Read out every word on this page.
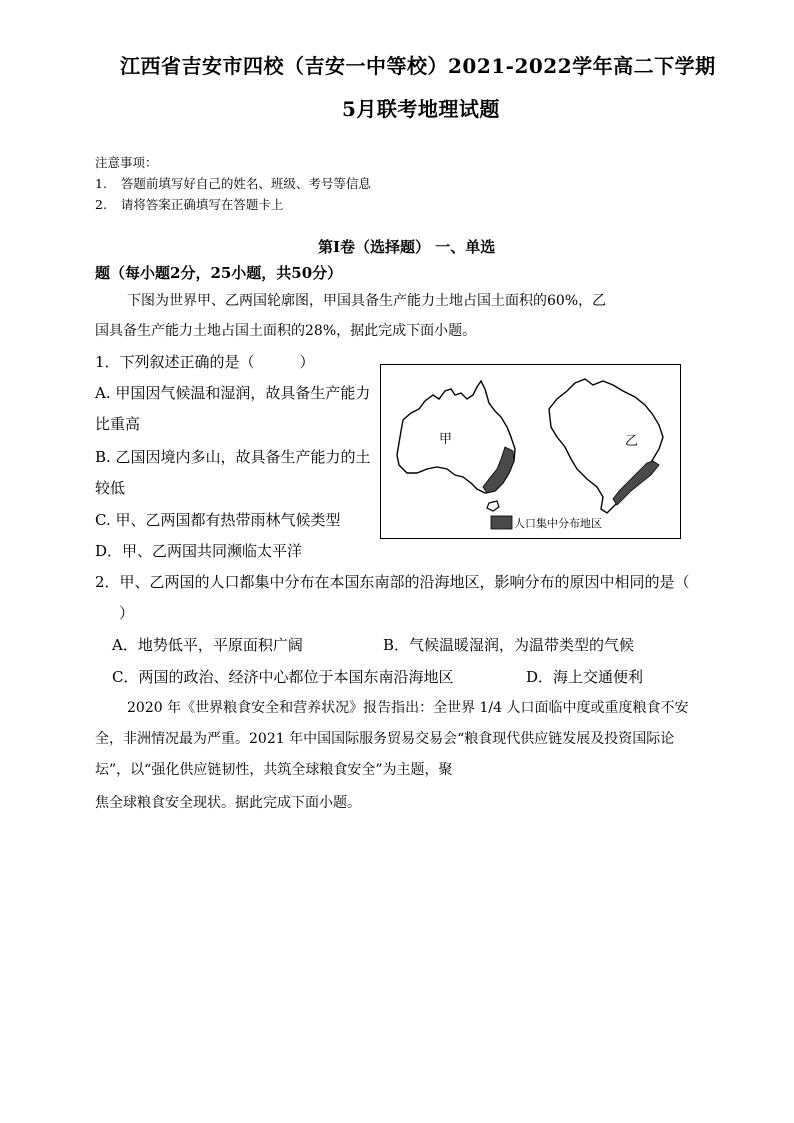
江西省吉安市四校（吉安一中等校）2021-2022学年高二下学期
5月联考地理试题
注意事项：
1. 答题前填写好自己的姓名、班级、考号等信息
2. 请将答案正确填写在答题卡上
第I卷（选择题） 一、单选
题（每小题2分，25小题，共50分）
下图为世界甲、乙两国轮廓图，甲国具备生产能力土地占国土面积的60%，乙
国具备生产能力土地占国土面积的28%，据此完成下面小题。
1．下列叙述正确的是（　　　）
A. 甲国因气候温和湿润，故具备生产能力
比重高
B. 乙国因境内多山，故具备生产能力的土
较低
C. 甲、乙两国都有热带雨林气候类型
D．甲、乙两国共同濒临太平洋
甲	乙
人口集中分布地区
2．甲、乙两国的人口都集中分布在本国东南部的沿海地区，影响分布的原因中相同的是（
）
A．地势低平，平原面积广阔	B．气候温暖湿润，为温带类型的气候
C．两国的政治、经济中心都位于本国东南沿海地区	D．海上交通便利
2020 年《世界粮食安全和营养状况》报告指出：全世界 1/4 人口面临中度或重度粮食不安
全，非洲情况最为严重。2021 年中国国际服务贸易交易会“粮食现代供应链发展及投资国际论
坛”，以“强化供应链韧性，共筑全球粮食安全”为主题，聚
焦全球粮食安全现状。据此完成下面小题。
